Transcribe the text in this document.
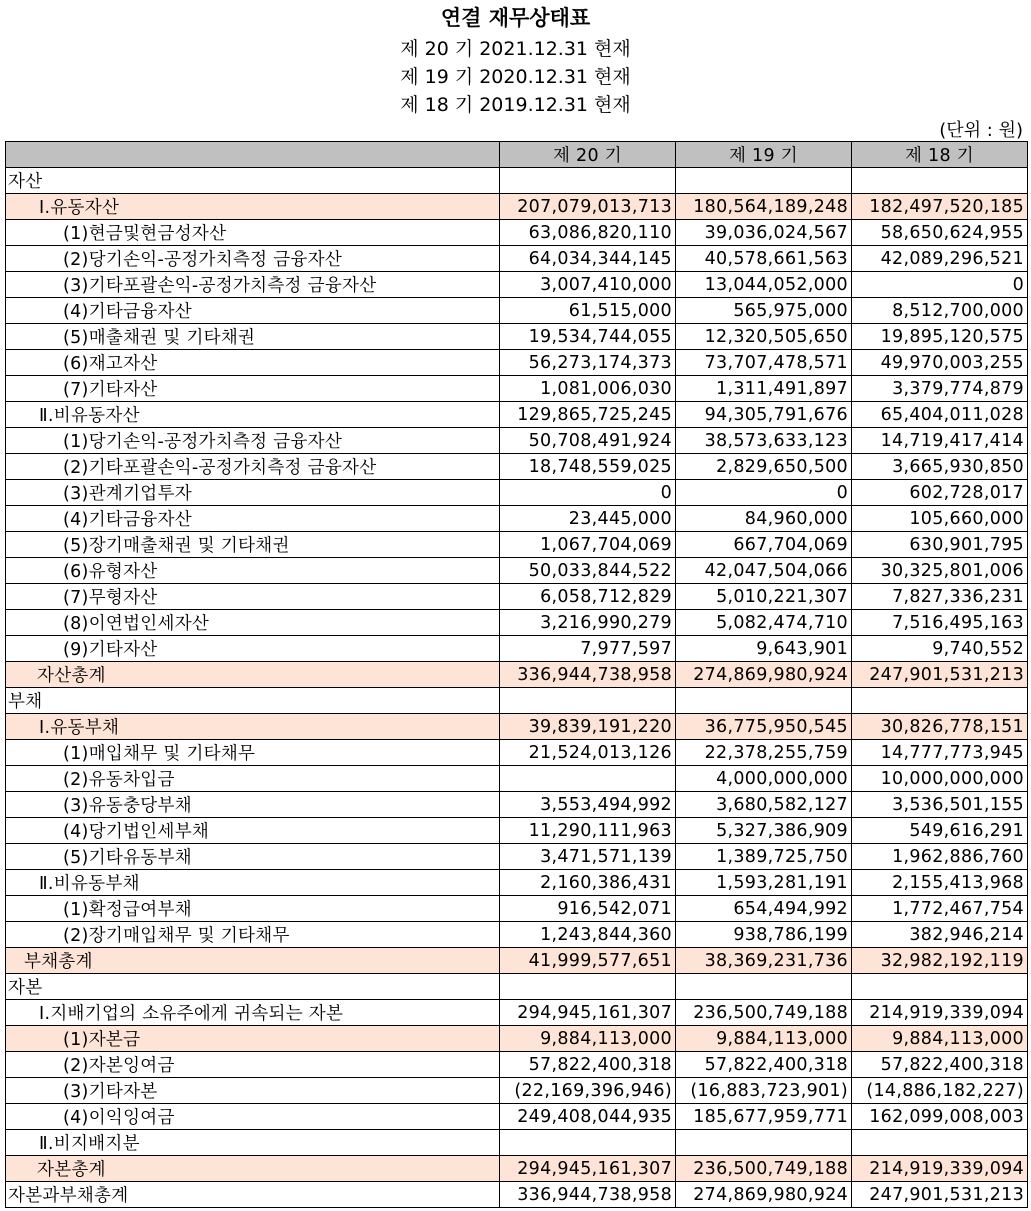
연결 재무상태표
제 20 기 2021.12.31 현재
제 19 기 2020.12.31 현재
제 18 기 2019.12.31 현재
(단위 : 원)
	제 20 기	제 19 기	제 18 기
자산			
Ⅰ.유동자산	207,079,013,713	180,564,189,248	182,497,520,185
(1)현금및현금성자산	63,086,820,110	39,036,024,567	58,650,624,955
(2)당기손익-공정가치측정 금융자산	64,034,344,145	40,578,661,563	42,089,296,521
(3)기타포괄손익-공정가치측정 금융자산	3,007,410,000	13,044,052,000	0
(4)기타금융자산	61,515,000	565,975,000	8,512,700,000
(5)매출채권 및 기타채권	19,534,744,055	12,320,505,650	19,895,120,575
(6)재고자산	56,273,174,373	73,707,478,571	49,970,003,255
(7)기타자산	1,081,006,030	1,311,491,897	3,379,774,879
Ⅱ.비유동자산	129,865,725,245	94,305,791,676	65,404,011,028
(1)당기손익-공정가치측정 금융자산	50,708,491,924	38,573,633,123	14,719,417,414
(2)기타포괄손익-공정가치측정 금융자산	18,748,559,025	2,829,650,500	3,665,930,850
(3)관계기업투자	0	0	602,728,017
(4)기타금융자산	23,445,000	84,960,000	105,660,000
(5)장기매출채권 및 기타채권	1,067,704,069	667,704,069	630,901,795
(6)유형자산	50,033,844,522	42,047,504,066	30,325,801,006
(7)무형자산	6,058,712,829	5,010,221,307	7,827,336,231
(8)이연법인세자산	3,216,990,279	5,082,474,710	7,516,495,163
(9)기타자산	7,977,597	9,643,901	9,740,552
자산총계	336,944,738,958	274,869,980,924	247,901,531,213
부채			
Ⅰ.유동부채	39,839,191,220	36,775,950,545	30,826,778,151
(1)매입채무 및 기타채무	21,524,013,126	22,378,255,759	14,777,773,945
(2)유동차입금		4,000,000,000	10,000,000,000
(3)유동충당부채	3,553,494,992	3,680,582,127	3,536,501,155
(4)당기법인세부채	11,290,111,963	5,327,386,909	549,616,291
(5)기타유동부채	3,471,571,139	1,389,725,750	1,962,886,760
Ⅱ.비유동부채	2,160,386,431	1,593,281,191	2,155,413,968
(1)확정급여부채	916,542,071	654,494,992	1,772,467,754
(2)장기매입채무 및 기타채무	1,243,844,360	938,786,199	382,946,214
부채총계	41,999,577,651	38,369,231,736	32,982,192,119
자본			
Ⅰ.지배기업의 소유주에게 귀속되는 자본	294,945,161,307	236,500,749,188	214,919,339,094
(1)자본금	9,884,113,000	9,884,113,000	9,884,113,000
(2)자본잉여금	57,822,400,318	57,822,400,318	57,822,400,318
(3)기타자본	(22,169,396,946)	(16,883,723,901)	(14,886,182,227)
(4)이익잉여금	249,408,044,935	185,677,959,771	162,099,008,003
Ⅱ.비지배지분			
자본총계	294,945,161,307	236,500,749,188	214,919,339,094
자본과부채총계	336,944,738,958	274,869,980,924	247,901,531,213
